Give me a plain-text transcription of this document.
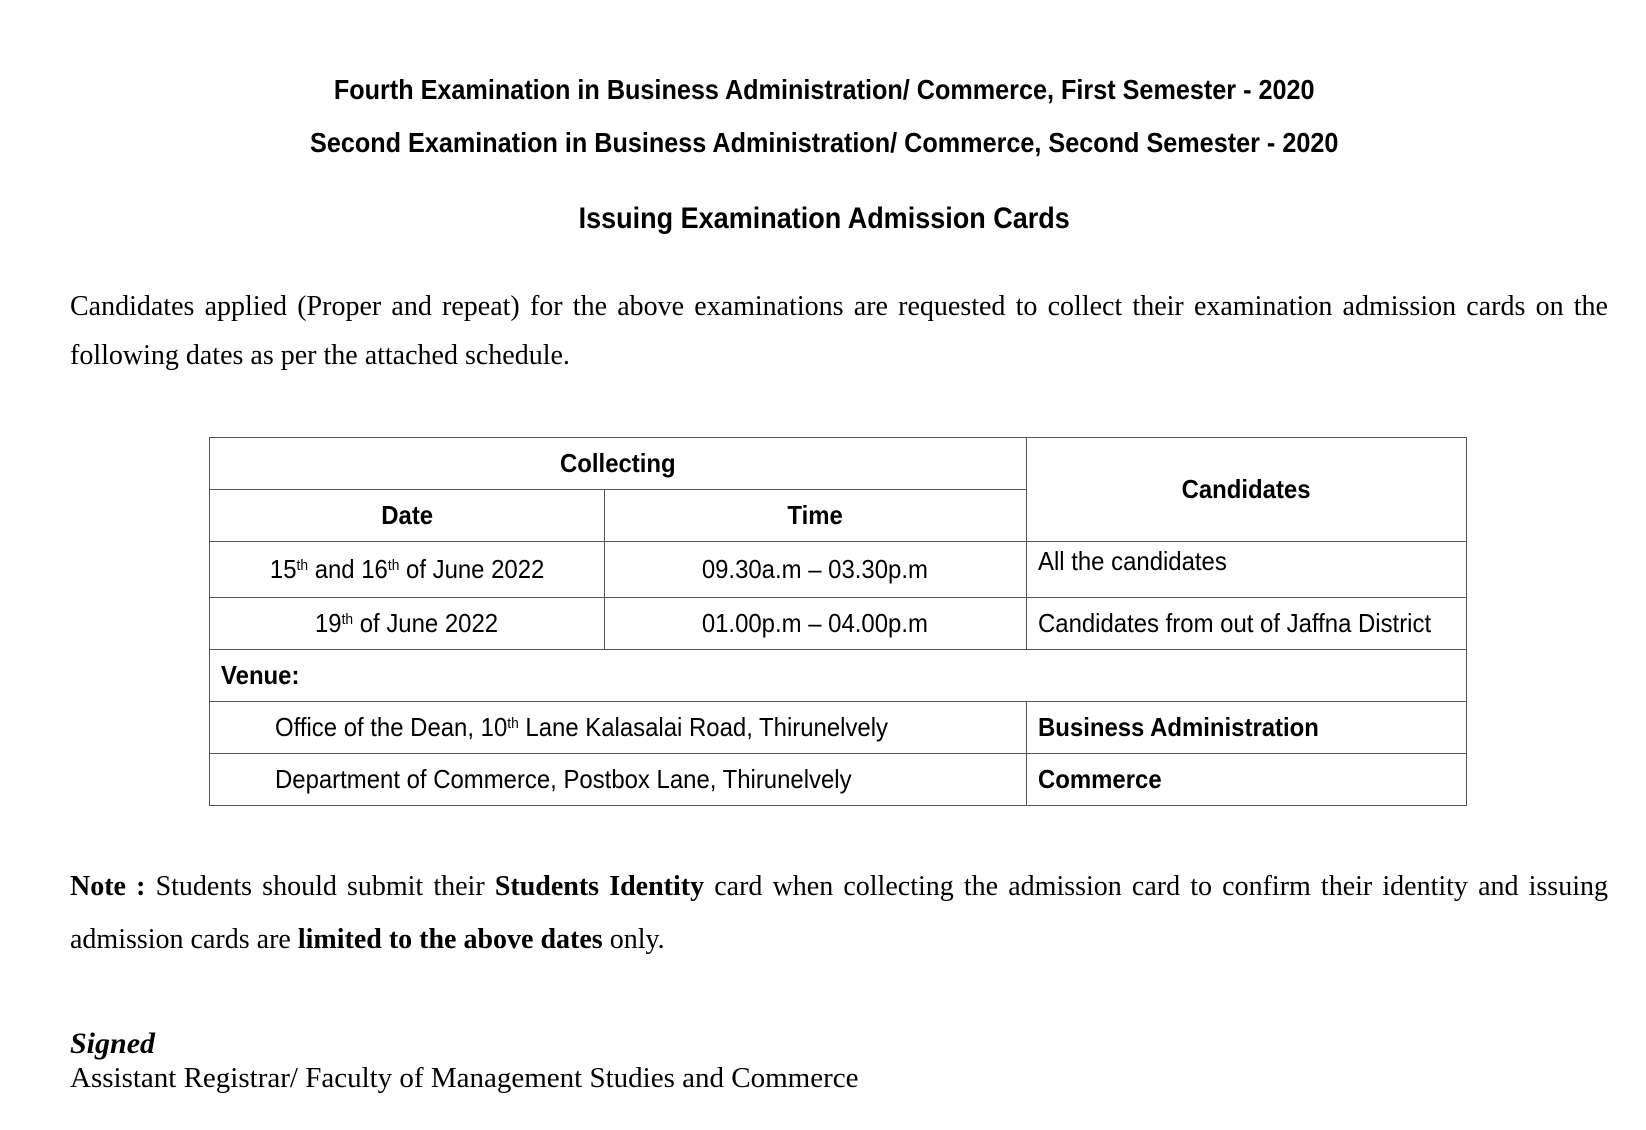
Fourth Examination in Business Administration/ Commerce, First Semester - 2020
Second Examination in Business Administration/ Commerce, Second Semester - 2020
Issuing Examination Admission Cards
Candidates applied (Proper and repeat) for the above examinations are requested to collect their examination admission cards on the following dates as per the attached schedule.
Collecting		Candidates
Date	Time	
15th and 16th of June 2022	09.30a.m – 03.30p.m	All the candidates
19th of June 2022	01.00p.m – 04.00p.m	Candidates from out of Jaffna District
Venue:		
Office of the Dean, 10th Lane Kalasalai Road, Thirunelvely		Business Administration
Department of Commerce, Postbox Lane, Thirunelvely		Commerce
Note : Students should submit their Students Identity card when collecting the admission card to confirm their identity and issuing admission cards are limited to the above dates only.
Signed
Assistant Registrar/ Faculty of Management Studies and Commerce
